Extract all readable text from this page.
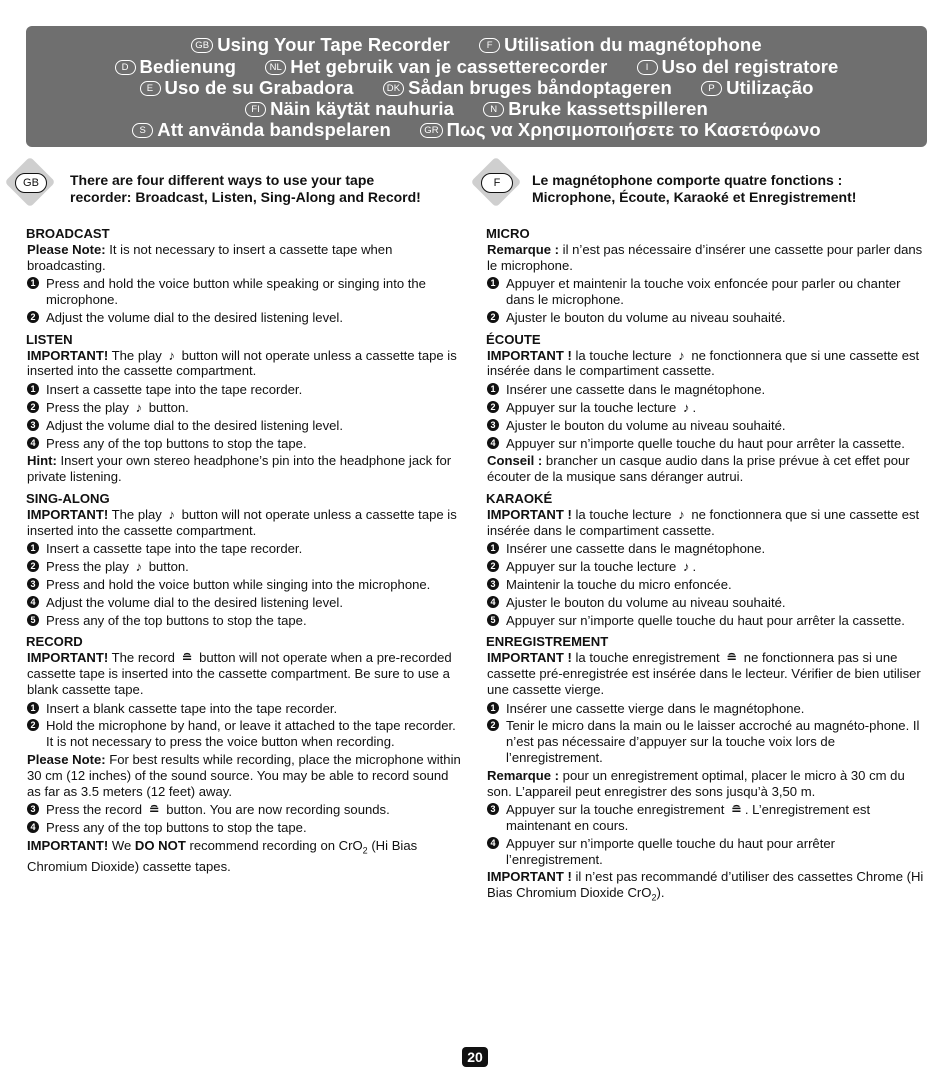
GB Using Your Tape Recorder	F Utilisation du magnétophone
D Bedienung	NL Het gebruik van je cassetterecorder	I Uso del registratore
E Uso de su Grabadora	DK Sådan bruges båndoptageren	P Utilização
FI Näin käytät nauhuria	N Bruke kassettspilleren
S Att använda bandspelaren	GR Πως να Χρησιμοποιήσετε το Κασετόφωνο
GB	There are four different ways to use your tape
recorder: Broadcast, Listen, Sing-Along and Record!
BROADCAST
Please Note: It is not necessary to insert a cassette tape when broadcasting.
1 Press and hold the voice button while speaking or singing into the microphone.
2 Adjust the volume dial to the desired listening level.
LISTEN
IMPORTANT! The play ♪ button will not operate unless a cassette tape is inserted into the cassette compartment.
1 Insert a cassette tape into the tape recorder.
2 Press the play ♪ button.
3 Adjust the volume dial to the desired listening level.
4 Press any of the top buttons to stop the tape.
Hint: Insert your own stereo headphone’s pin into the headphone jack for private listening.
SING-ALONG
IMPORTANT! The play ♪ button will not operate unless a cassette tape is inserted into the cassette compartment.
1 Insert a cassette tape into the tape recorder.
2 Press the play ♪ button.
3 Press and hold the voice button while singing into the microphone.
4 Adjust the volume dial to the desired listening level.
5 Press any of the top buttons to stop the tape.
RECORD
IMPORTANT! The record ≘ button will not operate when a pre-recorded cassette tape is inserted into the cassette compartment. Be sure to use a blank cassette tape.
1 Insert a blank cassette tape into the tape recorder.
2 Hold the microphone by hand, or leave it attached to the tape recorder. It is not necessary to press the voice button when recording.
Please Note: For best results while recording, place the microphone within 30 cm (12 inches) of the sound source. You may be able to record sound as far as 3.5 meters (12 feet) away.
3 Press the record ≘ button. You are now recording sounds.
4 Press any of the top buttons to stop the tape.
IMPORTANT! We DO NOT recommend recording on CrO$_2$ (Hi Bias Chromium Dioxide) cassette tapes.
F	Le magnétophone comporte quatre fonctions :
Microphone, Écoute, Karaoké et Enregistrement!
MICRO
Remarque : il n’est pas nécessaire d’insérer une cassette pour parler dans le microphone.
1 Appuyer et maintenir la touche voix enfoncée pour parler ou chanter dans le microphone.
2 Ajuster le bouton du volume au niveau souhaité.
ÉCOUTE
IMPORTANT ! la touche lecture ♪ ne fonctionnera que si une cassette est insérée dans le compartiment cassette.
1 Insérer une cassette dans le magnétophone.
2 Appuyer sur la touche lecture ♪ .
3 Ajuster le bouton du volume au niveau souhaité.
4 Appuyer sur n’importe quelle touche du haut pour arrêter la cassette.
Conseil : brancher un casque audio dans la prise prévue à cet effet pour écouter de la musique sans déranger autrui.
KARAOKÉ
IMPORTANT ! la touche lecture ♪ ne fonctionnera que si une cassette est insérée dans le compartiment cassette.
1 Insérer une cassette dans le magnétophone.
2 Appuyer sur la touche lecture ♪ .
3 Maintenir la touche du micro enfoncée.
4 Ajuster le bouton du volume au niveau souhaité.
5 Appuyer sur n’importe quelle touche du haut pour arrêter la cassette.
ENREGISTREMENT
IMPORTANT ! la touche enregistrement ≘ ne fonctionnera pas si une cassette pré-enregistrée est insérée dans le lecteur. Vérifier de bien utiliser une cassette vierge.
1 Insérer une cassette vierge dans le magnétophone.
2 Tenir le micro dans la main ou le laisser accroché au magnéto-phone. Il n’est pas nécessaire d’appuyer sur la touche voix lors de l’enregistrement.
Remarque : pour un enregistrement optimal, placer le micro à 30 cm du son. L’appareil peut enregistrer des sons jusqu’à 3,50 m.
3 Appuyer sur la touche enregistrement ≘ . L’enregistrement est maintenant en cours.
4 Appuyer sur n’importe quelle touche du haut pour arrêter l’enregistrement.
IMPORTANT ! il n’est pas recommandé d’utiliser des cassettes Chrome (Hi Bias Chromium Dioxide CrO$_2$).
20
